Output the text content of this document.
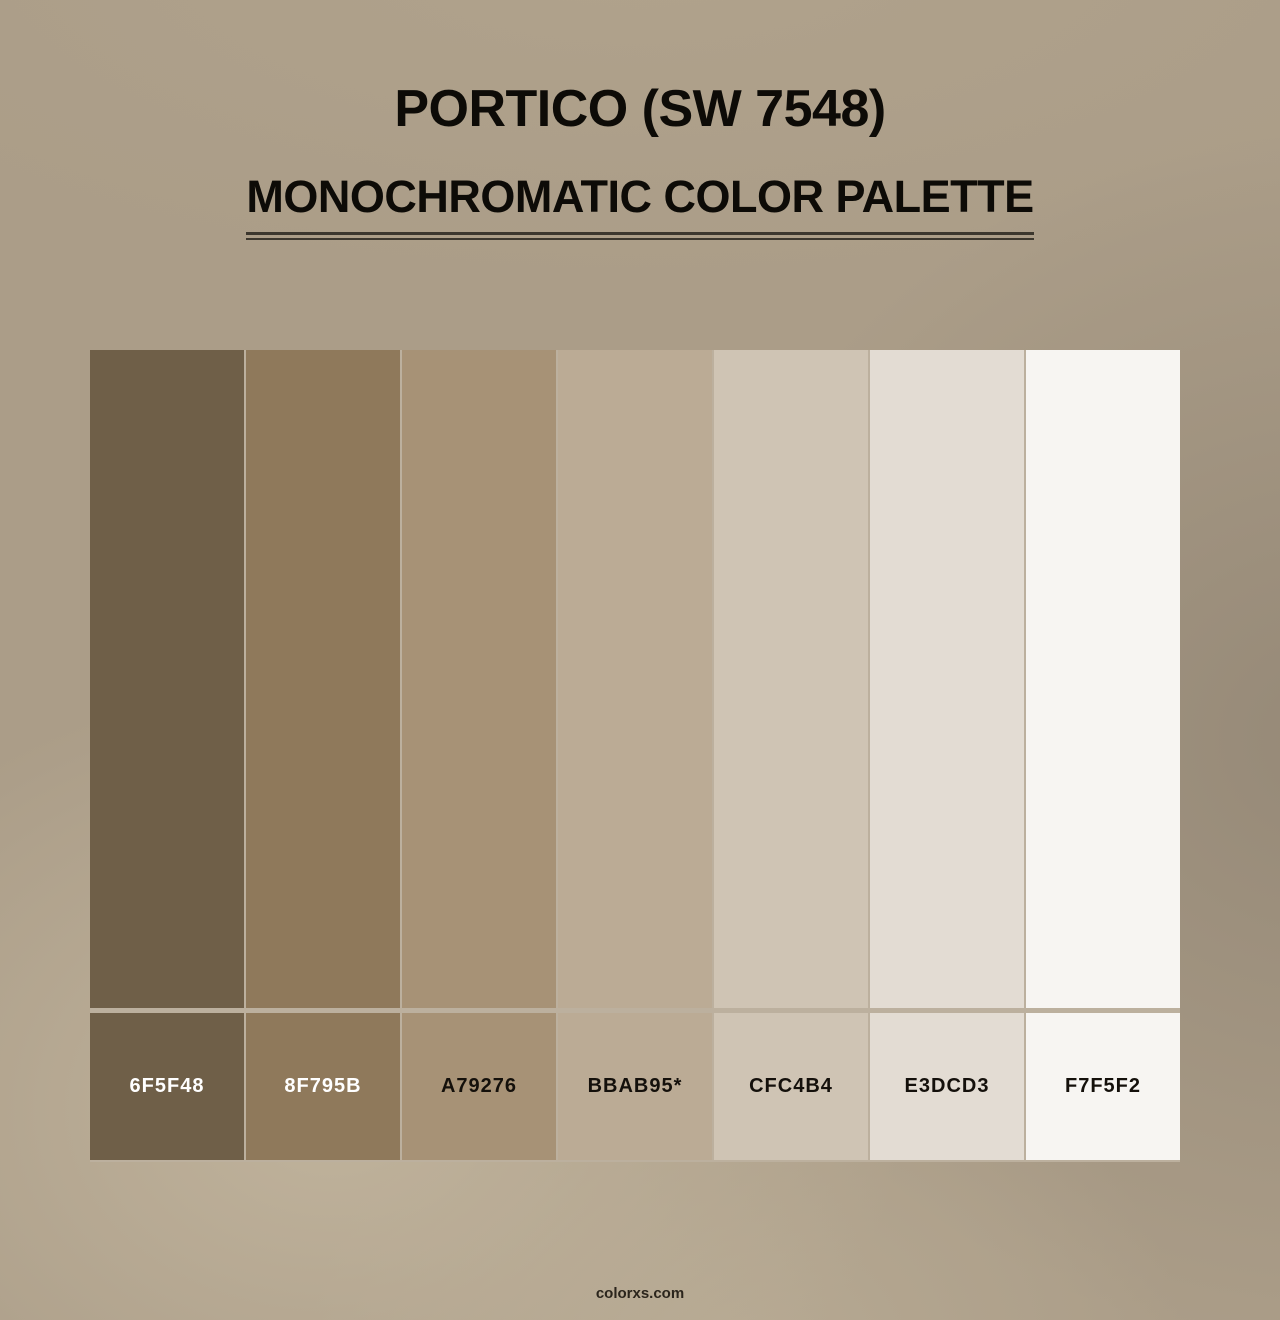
PORTICO (SW 7548)
MONOCHROMATIC COLOR PALETTE
6F5F48	8F795B	A79276	BBAB95*	CFC4B4	E3DCD3	F7F5F2
colorxs.com
